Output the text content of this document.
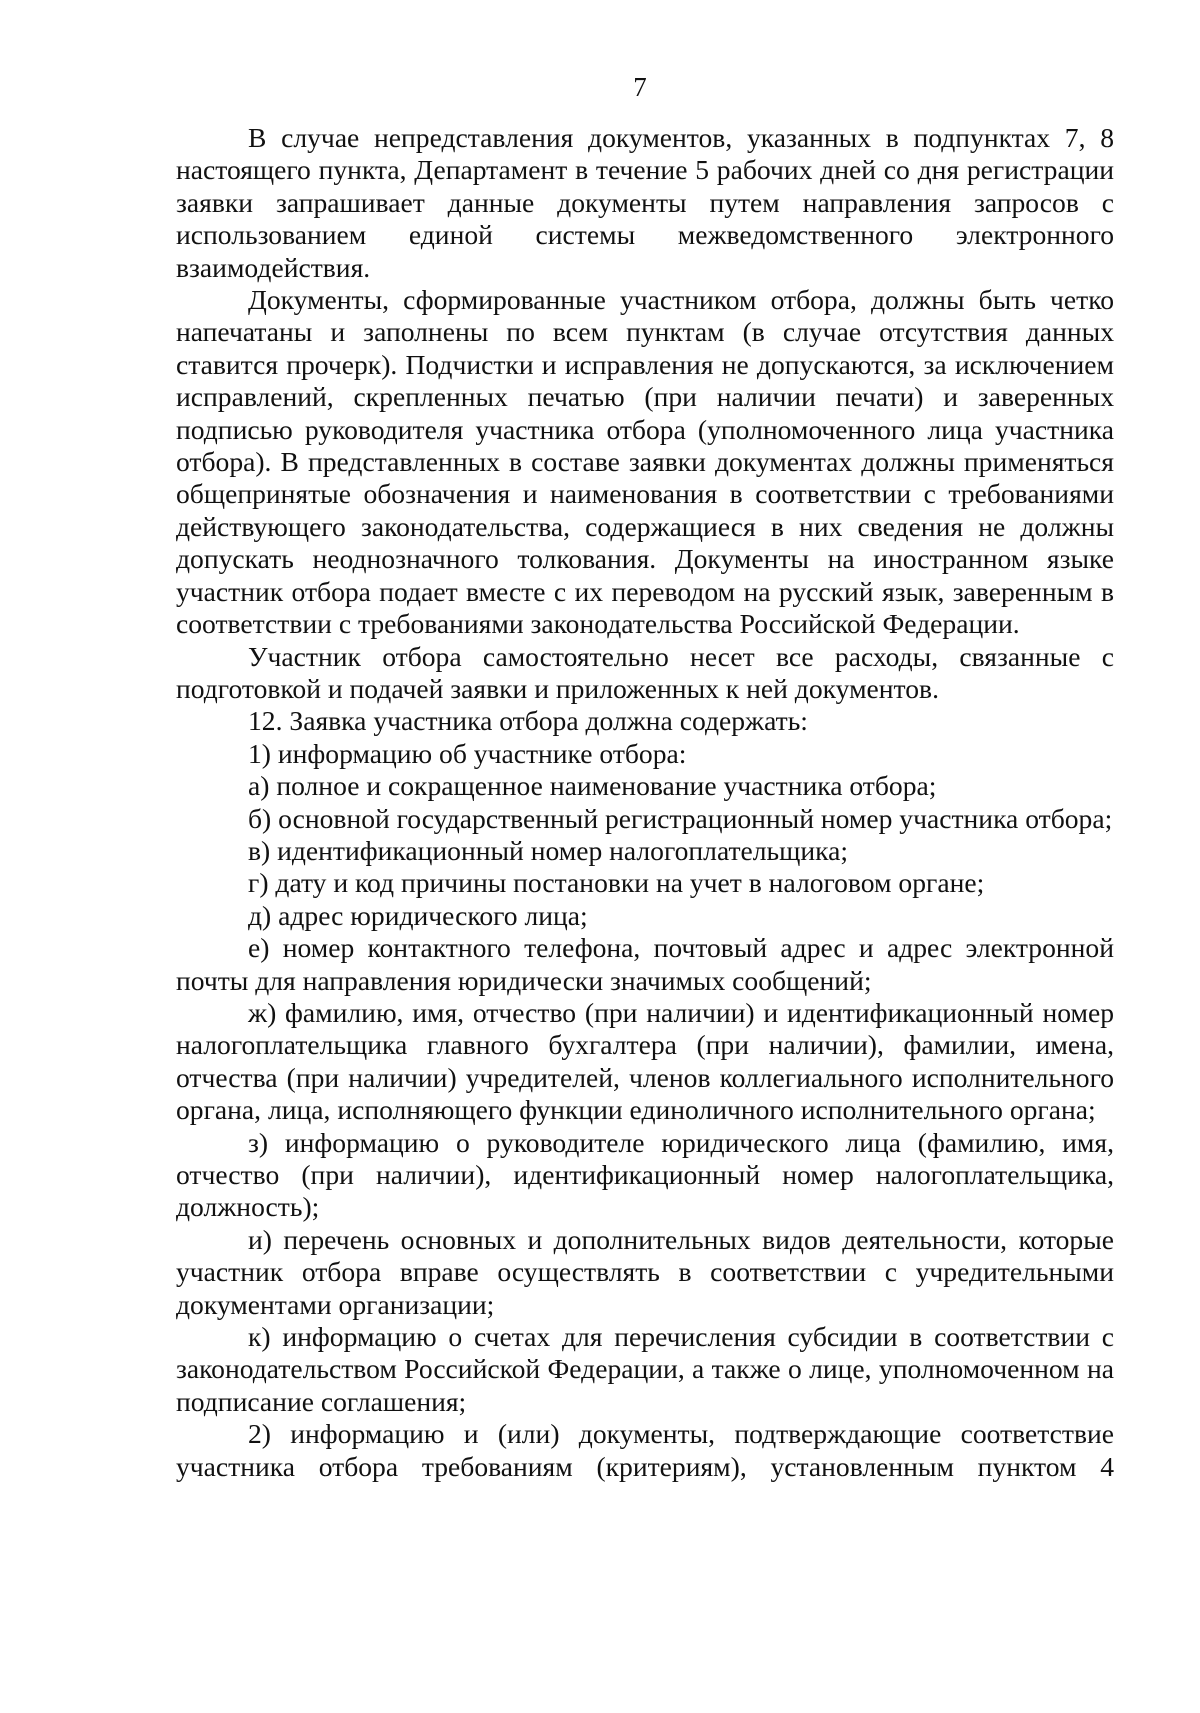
7

В случае непредставления документов, указанных в подпунктах 7, 8 настоящего пункта, Департамент в течение 5 рабочих дней со дня регистрации заявки запрашивает данные документы путем направления запросов с использованием единой системы межведомственного электронного взаимодействия.

Документы, сформированные участником отбора, должны быть четко напечатаны и заполнены по всем пунктам (в случае отсутствия данных ставится прочерк). Подчистки и исправления не допускаются, за исключением исправлений, скрепленных печатью (при наличии печати) и заверенных подписью руководителя участника отбора (уполномоченного лица участника отбора). В представленных в составе заявки документах должны применяться общепринятые обозначения и наименования в соответствии с требованиями действующего законодательства, содержащиеся в них сведения не должны допускать неоднозначного толкования. Документы на иностранном языке участник отбора подает вместе с их переводом на русский язык, заверенным в соответствии с требованиями законодательства Российской Федерации.

Участник отбора самостоятельно несет все расходы, связанные с подготовкой и подачей заявки и приложенных к ней документов.

12. Заявка участника отбора должна содержать:

1) информацию об участнике отбора:

а) полное и сокращенное наименование участника отбора;

б) основной государственный регистрационный номер участника отбора;

в) идентификационный номер налогоплательщика;

г) дату и код причины постановки на учет в налоговом органе;

д) адрес юридического лица;

е) номер контактного телефона, почтовый адрес и адрес электронной почты для направления юридически значимых сообщений;

ж) фамилию, имя, отчество (при наличии) и идентификационный номер налогоплательщика главного бухгалтера (при наличии), фамилии, имена, отчества (при наличии) учредителей, членов коллегиального исполнительного органа, лица, исполняющего функции единоличного исполнительного органа;

з) информацию о руководителе юридического лица (фамилию, имя, отчество (при наличии), идентификационный номер налогоплательщика, должность);

и) перечень основных и дополнительных видов деятельности, которые участник отбора вправе осуществлять в соответствии с учредительными документами организации;

к) информацию о счетах для перечисления субсидии в соответствии с законодательством Российской Федерации, а также о лице, уполномоченном на подписание соглашения;

2) информацию и (или) документы, подтверждающие соответствие участника отбора требованиям (критериям), установленным пунктом 4
